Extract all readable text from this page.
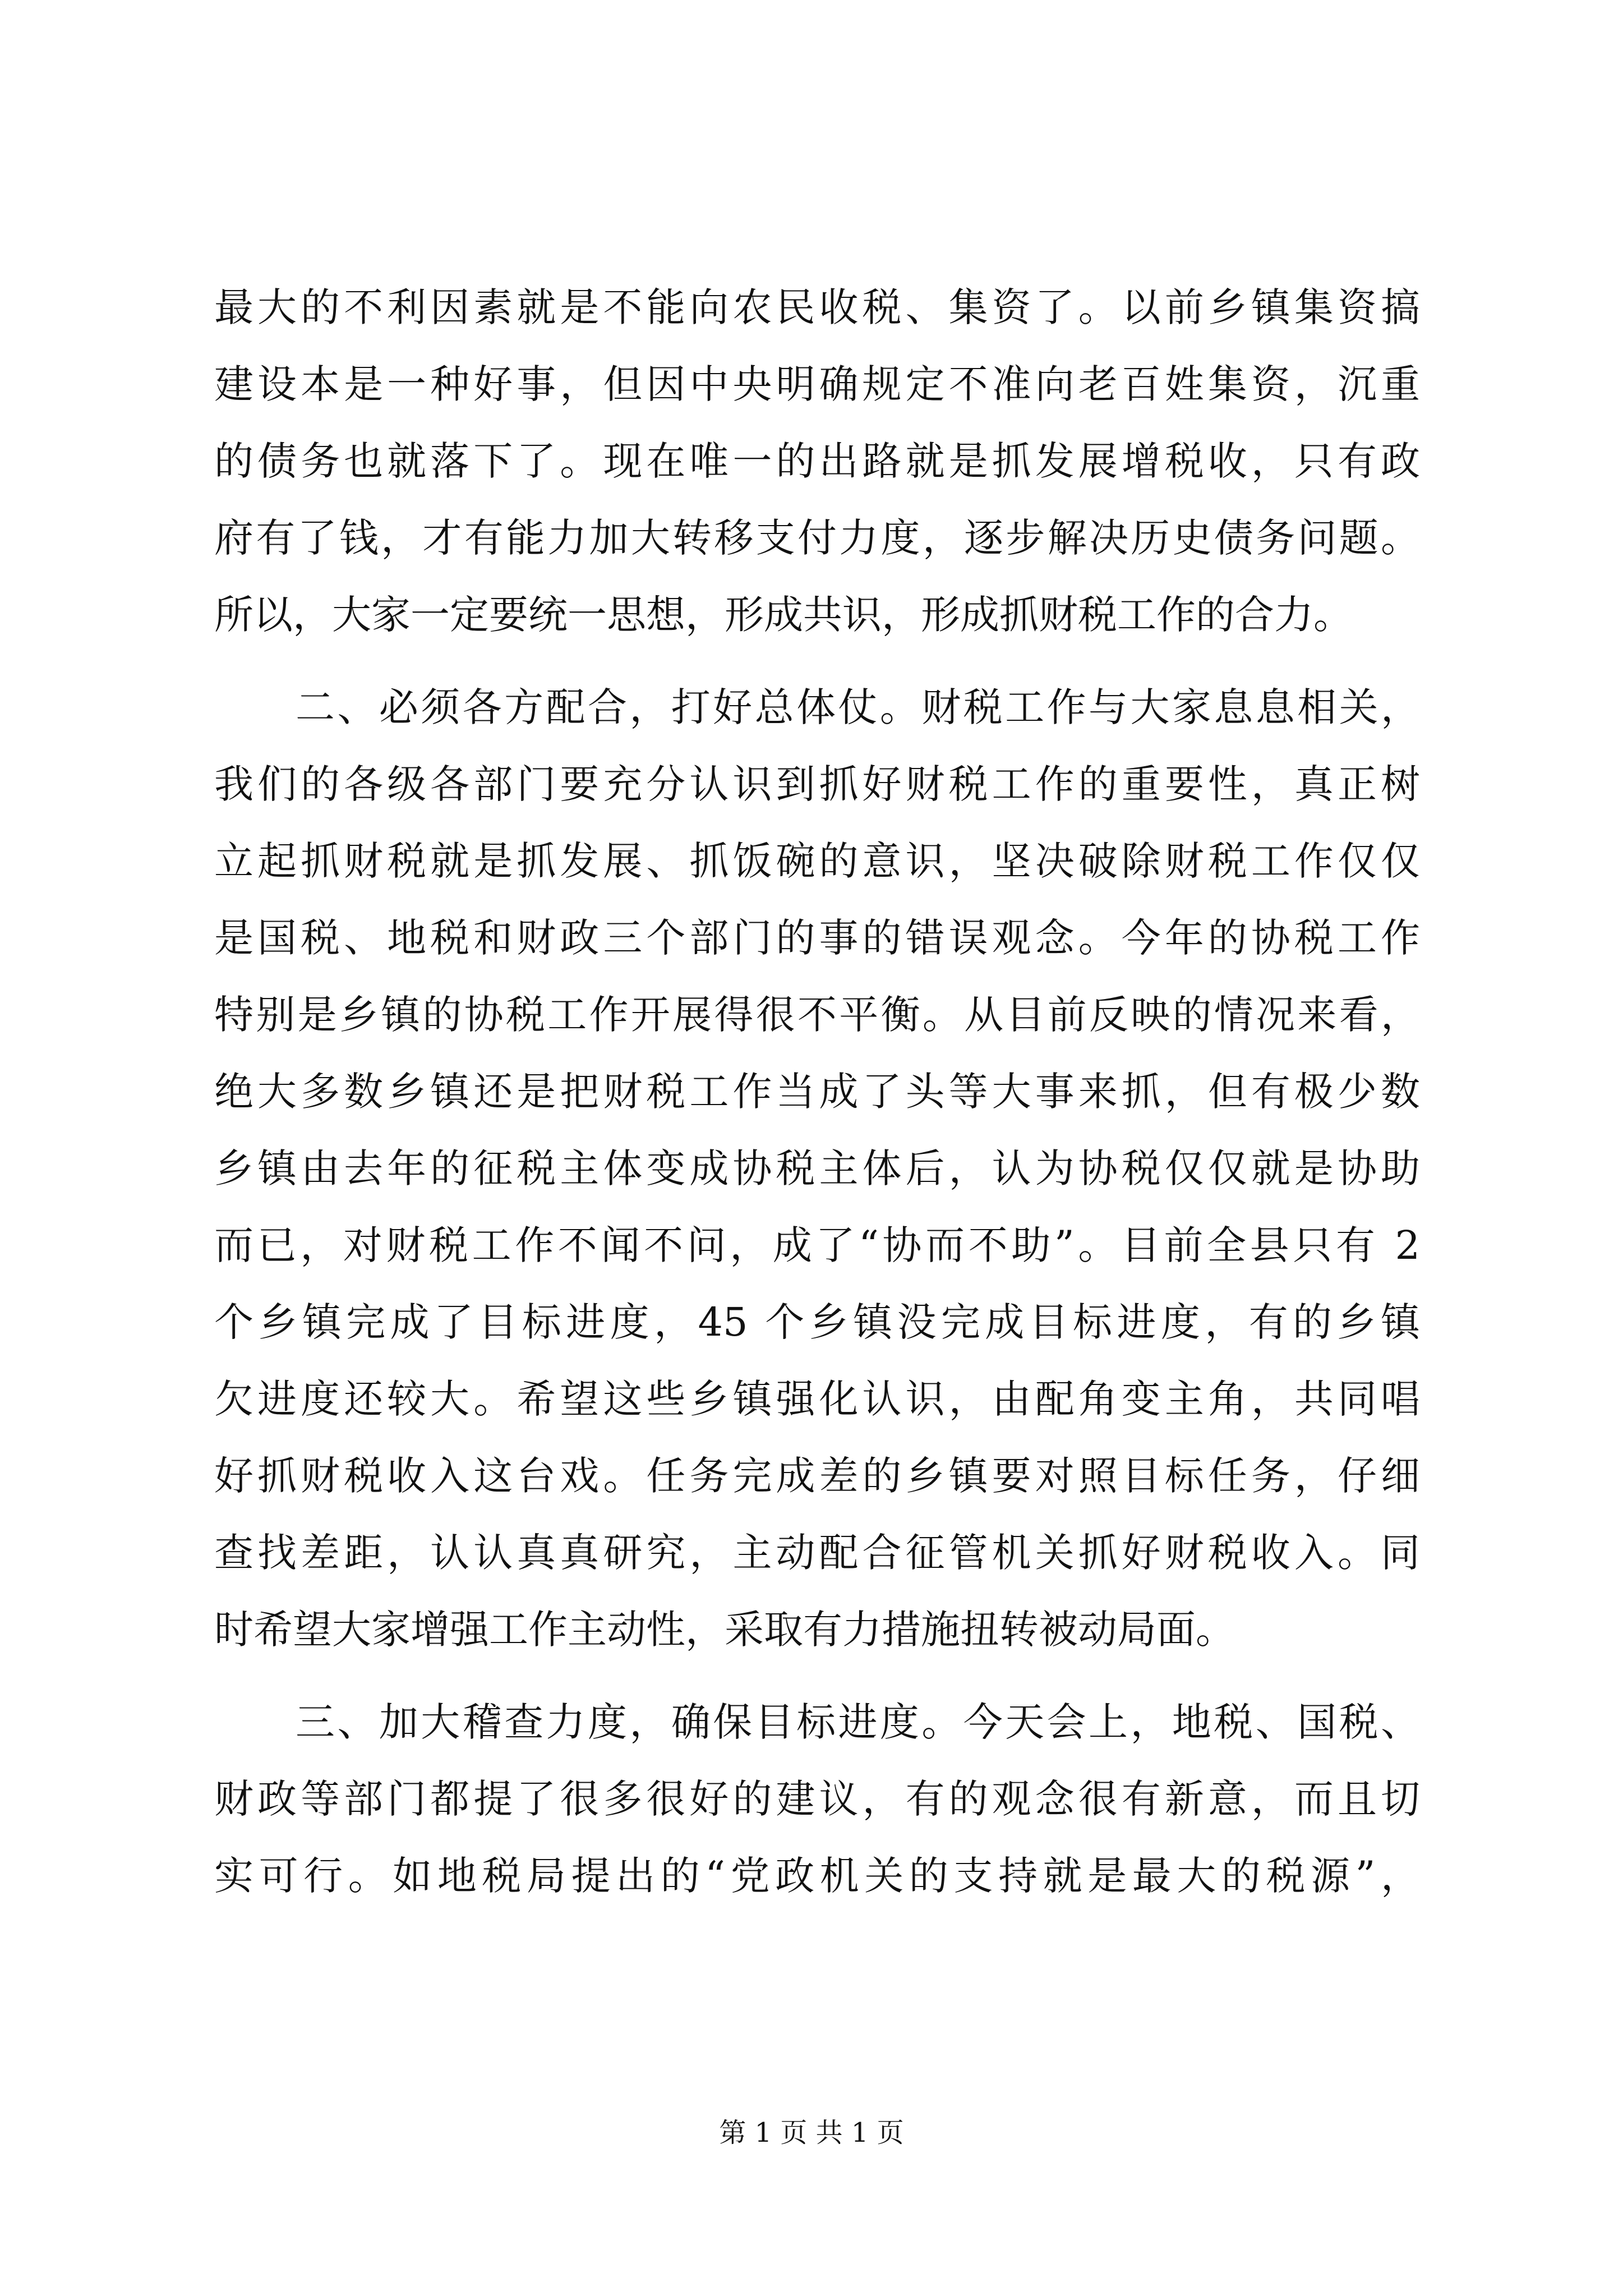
最大的不利因素就是不能向农民收税、集资了。以前乡镇集资搞
建设本是一种好事，但因中央明确规定不准向老百姓集资，沉重
的债务也就落下了。现在唯一的出路就是抓发展增税收，只有政
府有了钱，才有能力加大转移支付力度，逐步解决历史债务问题。
所以，大家一定要统一思想，形成共识，形成抓财税工作的合力。
二、必须各方配合，打好总体仗。财税工作与大家息息相关，
我们的各级各部门要充分认识到抓好财税工作的重要性，真正树
立起抓财税就是抓发展、抓饭碗的意识，坚决破除财税工作仅仅
是国税、地税和财政三个部门的事的错误观念。今年的协税工作
特别是乡镇的协税工作开展得很不平衡。从目前反映的情况来看，
绝大多数乡镇还是把财税工作当成了头等大事来抓，但有极少数
乡镇由去年的征税主体变成协税主体后，认为协税仅仅就是协助
而已，对财税工作不闻不问，成了“协而不助”。目前全县只有 2
个乡镇完成了目标进度，45 个乡镇没完成目标进度，有的乡镇
欠进度还较大。希望这些乡镇强化认识，由配角变主角，共同唱
好抓财税收入这台戏。任务完成差的乡镇要对照目标任务，仔细
查找差距，认认真真研究，主动配合征管机关抓好财税收入。同
时希望大家增强工作主动性，采取有力措施扭转被动局面。
三、加大稽查力度，确保目标进度。今天会上，地税、国税、
财政等部门都提了很多很好的建议，有的观念很有新意，而且切
实可行。如地税局提出的“党政机关的支持就是最大的税源”，
第 1 页 共 1 页
